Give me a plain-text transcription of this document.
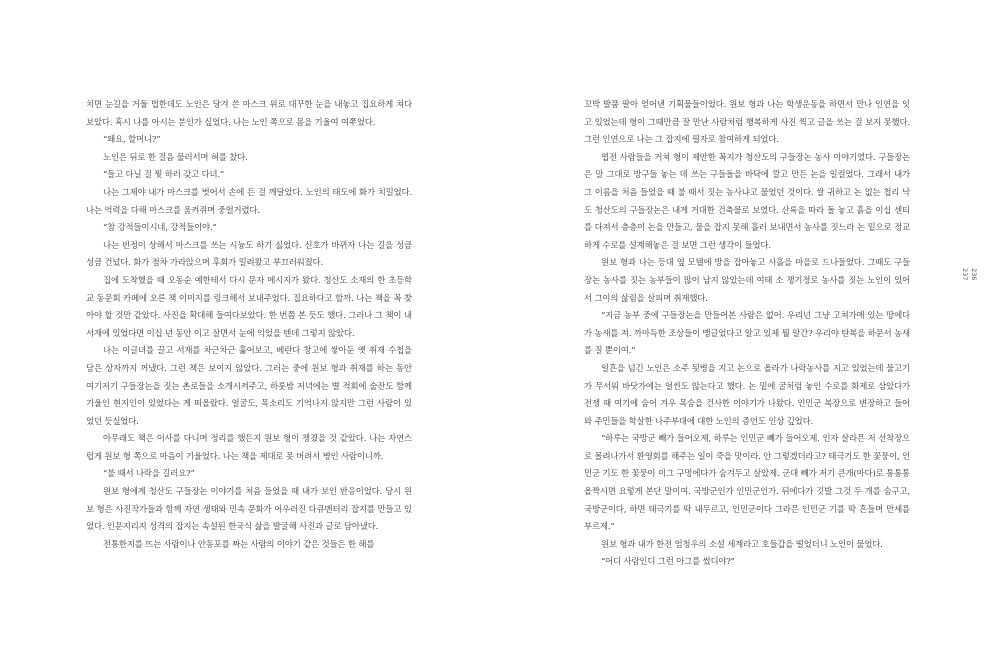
치면 눈길을 거둘 법한데도 노인은 당겨 쓴 마스크 위로 대꾸한 눈을 내놓고 집요하게 쳐다보았다. 혹시 나를 아시는 분인가 싶었다. 나는 노인 쪽으로 몸을 기울여 여쭈었다.

“왜요, 할머니?”

노인은 뒤로 한 걸음 물러서며 혀를 찼다.

“들고 다닐 걸 뭣 하러 갖고 다녀.”

나는 그제야 내가 마스크를 벗어서 손에 든 걸 깨달았다. 노인의 태도에 화가 치밀었다. 나는 억력을 다해 마스크를 움켜쥐며 중얼거렸다.

“참 강적들이시네, 강적들이야.”

나는 빈정이 상해서 마스크를 쓰는 시늉도 하기 싫었다. 신호가 바뀌자 나는 길을 성큼성큼 건넜다. 화가 점차 가라앉으며 후회가 밀려왔고 부끄러워졌다.

집에 도착했을 때 오동순 예한테서 다시 문자 메시지가 왔다. 청산도 소재의 한 초등학교 동문회 카페에 오른 책 이미지를 링크해서 보내주었다. 집요하다고 할까. 나는 책을 꼭 찾아야 할 것만 같았다. 사진을 확대해 들여다보았다. 한 번쯤 본 듯도 했다. 그러나 그 책이 내 서재에 있었다면 이십 년 동안 이고 살면서 눈에 익었을 텐데 그렇지 않았다.

나는 이글녀를 끌고 서재를 차근차근 훑어보고, 베란다 창고에 쌓아둔 옛 취재 수첩을 담은 상자까지 꺼냈다. 그런 책은 보이지 않았다. 그러는 중에 원보 형과 취재를 하는 동안 여기저기 구들장논을 짓는 촌로들을 소개시켜주고, 하룻밤 저녁에는 별 적회에 술잔도 함께 기울인 현지인이 있었다는 게 떠올랐다. 얼굴도, 목소리도 기억나지 않지만 그런 사람이 있었던 듯싶었다.

아무래도 책은 이사를 다니며 정리를 했든지 원보 형이 챙겼을 것 같았다. 나는 자연스럽게 원보 형 쪽으로 마음이 기울었다. 나는 책을 제대로 못 버려서 병인 사람이니까.

“불 때서 나락을 길러요?”

원보 형에게 청산도 구들장논 이야기를 처음 들었을 때 내가 보인 반응이었다. 당시 원보 형은 사진작가들과 함께 자연 생태와 민속 문화가 어우러진 다큐멘터리 잡지를 만들고 있었다. 인문지리지 성격의 잡지는 속설된 한국식 삶을 발굴해 사진과 글로 담아냈다.

전통한지를 뜨는 사람이나 안동포를 짜는 사람의 이야기 같은 것들은 한 해를

꼬박 발품 팔아 얻어낸 기획물들이었다. 원보 형과 나는 학생운동을 하면서 만나 인연을 잇고 있었는데 형이 그때만큼 잘 만난 사람처럼 행복하게 사진 찍고 글을 쓰는 걸 보지 못했다. 그런 인연으로 나는 그 잡지에 필자로 참여하게 되었다.

엽전 사람들을 거쳐 형이 제안한 꼭지가 청산도의 구들장논 농사 이야기였다. 구들장논은 말 그대로 방구들 놓는 데 쓰는 구들돌을 바닥에 깔고 만든 논을 일컬었다. 그래서 내가 그 이름을 처음 들었을 때 불 때서 짓는 농사냐고 물었던 것이다. 쌀 귀하고 논 없는 첩리 낙도 청산도의 구들장논은 내게 거대한 건축물로 보였다. 산록을 따라 돌 놓고 흙을 이십 센티를 다져서 층층이 논을 만들고, 물을 잡지 못해 흘러 보내면서 농사를 짓느라 논 밑으로 정교하게 수로를 설계해놓은 걸 보면 그런 생각이 들었다.

원보 형과 나는 등대 옆 모텔에 방을 잡아놓고 사흘을 마을로 드나들었다. 그때도 구들장논 농사를 짓는 농부들이 많이 남지 않았는데 여태 소 챙기정로 농사를 짓는 노인이 있어서 그이의 삶림을 살피며 취재했다.

“지금 농부 중에 구들장논을 만들어본 사람은 없어. 우리넌 그냥 고쳐가매 있는 땅에다가 농새를 져. 까마득한 조상들이 맹글었다고 알고 있제 뭘 알간? 우리야 탄복을 하문서 농새를 질 뿐이여.”

일흔을 넘긴 노인은 소주 됫병을 지고 논으로 올라가 나락농사를 지고 있었는데 물고기가 무서워 바닷가에는 얼씬도 않는다고 했다. 논 밑에 굴처럼 놓인 수로를 화제로 삼았다가 전쟁 때 여기에 숨어 겨우 목숨을 건사한 이야기가 나왔다. 인민군 복장으로 변장하고 들어와 주민들을 학살한 나주부대에 대한 노인의 증언도 인상 깊었다.

“하루는 국방군 빼가 들어오제, 하루는 인민군 빼가 들어오제. 인자 살라믄 저 선착장으로 몰려나가서 환영회를 해주는 일이 죽을 맛이라. 안 그렇겠더라고? 태극기도 한 꽃뭉이, 인민군 기도 한 꽃뭉이 이그 구멍에다가 숨겨두고 살았제. 군대 빼가 저기 큰개(마다)로 통통통 올짝시면 요렇게 본단 말이여. 국방군인가 인민군인가. 뒤에다가 깃발 그것 두 개를 숨구고, 국방군이다, 하면 태극기를 딱 내두르고, 인민군이다 그라믄 인민군 기를 딱 흔들며 만세를 부르제.”

원보 형과 내가 한전 엄청우의 소설 세계라고 호들갑을 떨었더니 노인이 물었다.

“어디 사람인디 그런 아그를 썼디야?”

236
237
